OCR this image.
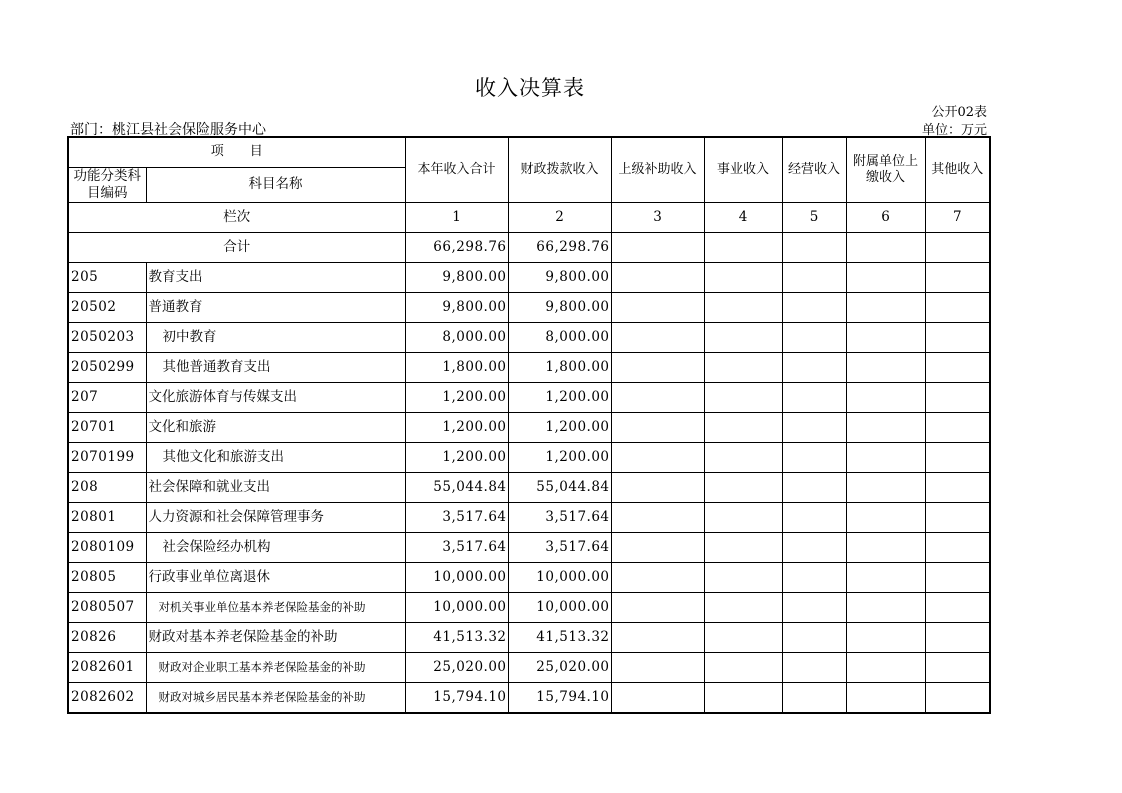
收入决算表
公开02表
部门：桃江县社会保险服务中心	单位：万元
项　　目		本年收入合计	财政拨款收入	上级补助收入	事业收入	经营收入	附属单位上缴收入	其他收入
功能分类科目编码	科目名称							
栏次		1	2	3	4	5	6	7
合计		66,298.76	66,298.76					
205	教育支出	9,800.00	9,800.00					
20502	普通教育	9,800.00	9,800.00					
2050203	初中教育	8,000.00	8,000.00					
2050299	其他普通教育支出	1,800.00	1,800.00					
207	文化旅游体育与传媒支出	1,200.00	1,200.00					
20701	文化和旅游	1,200.00	1,200.00					
2070199	其他文化和旅游支出	1,200.00	1,200.00					
208	社会保障和就业支出	55,044.84	55,044.84					
20801	人力资源和社会保障管理事务	3,517.64	3,517.64					
2080109	社会保险经办机构	3,517.64	3,517.64					
20805	行政事业单位离退休	10,000.00	10,000.00					
2080507	对机关事业单位基本养老保险基金的补助	10,000.00	10,000.00					
20826	财政对基本养老保险基金的补助	41,513.32	41,513.32					
2082601	财政对企业职工基本养老保险基金的补助	25,020.00	25,020.00					
2082602	财政对城乡居民基本养老保险基金的补助	15,794.10	15,794.10					
